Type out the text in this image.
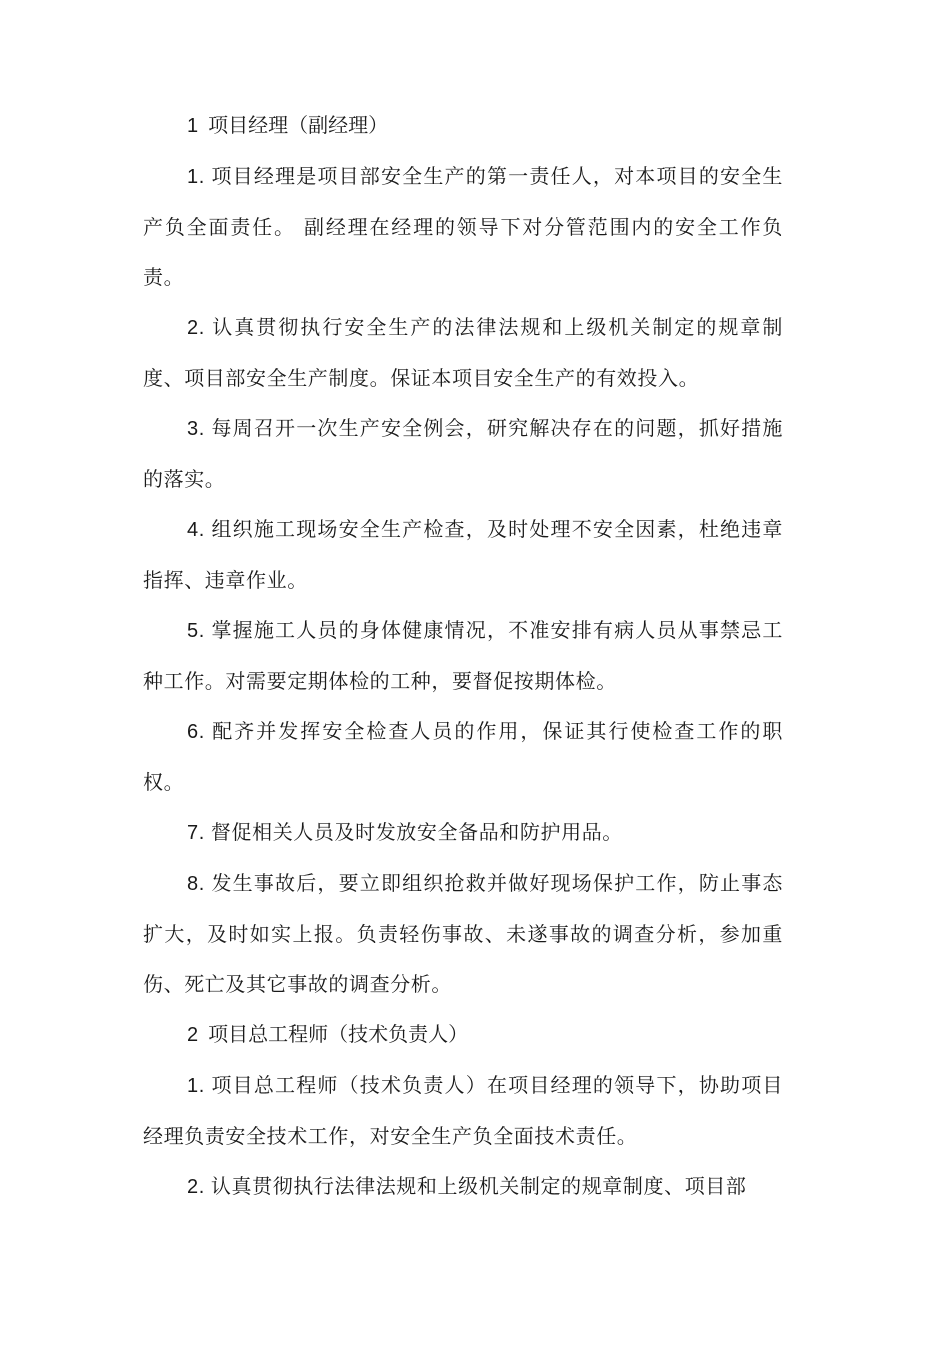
1 项目经理（副经理）

1. 项目经理是项目部安全生产的第一责任人，对本项目的安全生产负全面责任。 副经理在经理的领导下对分管范围内的安全工作负责。

2. 认真贯彻执行安全生产的法律法规和上级机关制定的规章制度、项目部安全生产制度。保证本项目安全生产的有效投入。

3. 每周召开一次生产安全例会，研究解决存在的问题，抓好措施的落实。

4. 组织施工现场安全生产检查，及时处理不安全因素，杜绝违章指挥、违章作业。

5. 掌握施工人员的身体健康情况，不准安排有病人员从事禁忌工种工作。对需要定期体检的工种，要督促按期体检。

6. 配齐并发挥安全检查人员的作用，保证其行使检查工作的职权。

7. 督促相关人员及时发放安全备品和防护用品。

8. 发生事故后，要立即组织抢救并做好现场保护工作，防止事态扩大，及时如实上报。负责轻伤事故、未遂事故的调查分析，参加重伤、死亡及其它事故的调查分析。

2 项目总工程师（技术负责人）

1. 项目总工程师（技术负责人）在项目经理的领导下，协助项目经理负责安全技术工作，对安全生产负全面技术责任。

2. 认真贯彻执行法律法规和上级机关制定的规章制度、项目部
